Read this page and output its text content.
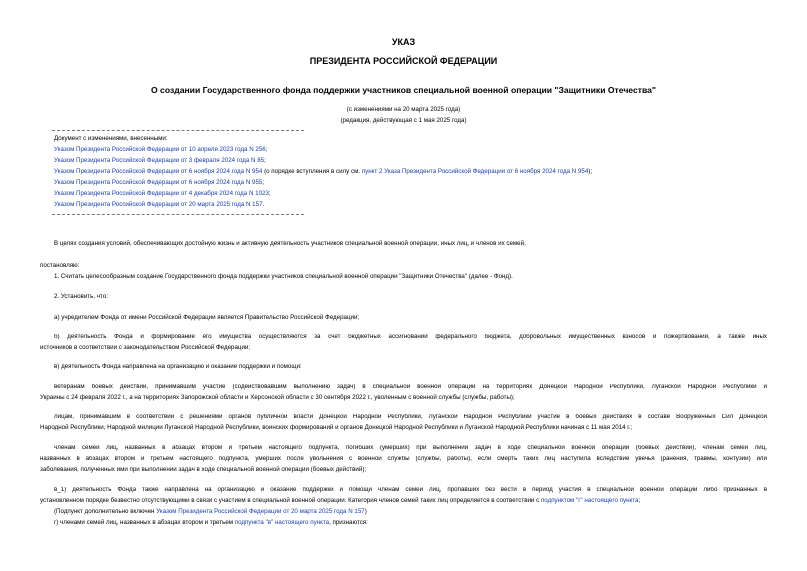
УКАЗ
ПРЕЗИДЕНТА РОССИЙСКОЙ ФЕДЕРАЦИИ
О создании Государственного фонда поддержки участников специальной военной операции "Защитники Отечества"
(с изменениями на 20 марта 2025 года)
(редакция, действующая с 1 мая 2025 года)
Документ с изменениями, внесенными:
Указом Президента Российской Федерации от 10 апреля 2023 года N 256;
Указом Президента Российской Федерации от 3 февраля 2024 года N 85;
Указом Президента Российской Федерации от 6 ноября 2024 года N 954 (о порядке вступления в силу см. пункт 2 Указа Президента Российской Федерации от 6 ноября 2024 года N 954);
Указом Президента Российской Федерации от 6 ноября 2024 года N 955;
Указом Президента Российской Федерации от 4 декабря 2024 года N 1023;
Указом Президента Российской Федерации от 20 марта 2025 года N 157.
В целях создания условий, обеспечивающих достойную жизнь и активную деятельность участников специальной военной операции, иных лиц, и членов их семей,
постановляю:
1. Считать целесообразным создание Государственного фонда поддержки участников специальной военной операции "Защитники Отечества" (далее - Фонд).
2. Установить, что:
а) учредителем Фонда от имени Российской Федерации является Правительство Российской Федерации;
б) деятельность Фонда и формирование его имущества осуществляются за счет бюджетных ассигнований федерального бюджета, добровольных имущественных взносов и пожертвований, а также иных
источников в соответствии с законодательством Российской Федерации;
в) деятельность Фонда направлена на организацию и оказание поддержки и помощи:
ветеранам боевых действий, принимавшим участие (содействовавшим выполнению задач) в специальной военной операции на территориях Донецкой Народной Республики, Луганской Народной Республики и
Украины с 24 февраля 2022 г., а на территориях Запорожской области и Херсонской области с 30 сентября 2022 г., уволенным с военной службы (службы, работы);
лицам, принимавшим в соответствии с решениями органов публичной власти Донецкой Народной Республики, Луганской Народной Республики участие в боевых действиях в составе Вооруженных Сил Донецкой
Народной Республики, Народной милиции Луганской Народной Республики, воинских формирований и органов Донецкой Народной Республики и Луганской Народной Республики начиная с 11 мая 2014 г.;
членам семей лиц, названных в абзацах втором и третьем настоящего подпункта, погибших (умерших) при выполнении задач в ходе специальной военной операции (боевых действий), членам семей лиц,
названных в абзацах втором и третьем настоящего подпункта, умерших после увольнения с военной службы (службы, работы), если смерть таких лиц наступила вследствие увечья (ранения, травмы, контузии) или
заболевания, полученных ими при выполнении задач в ходе специальной военной операции (боевых действий);
в_1) деятельность Фонда также направлена на организацию и оказание поддержки и помощи членам семей лиц, пропавших без вести в период участия в специальной военной операции либо признанных в
установленном порядке безвестно отсутствующими в связи с участием в специальной военной операции. Категория членов семей таких лиц определяется в соответствии с подпунктом "г" настоящего пункта;
(Подпункт дополнительно включен Указом Президента Российской Федерации от 20 марта 2025 года N 157)
г) членами семей лиц, названных в абзацах втором и третьем подпункта "в" настоящего пункта, признаются:
